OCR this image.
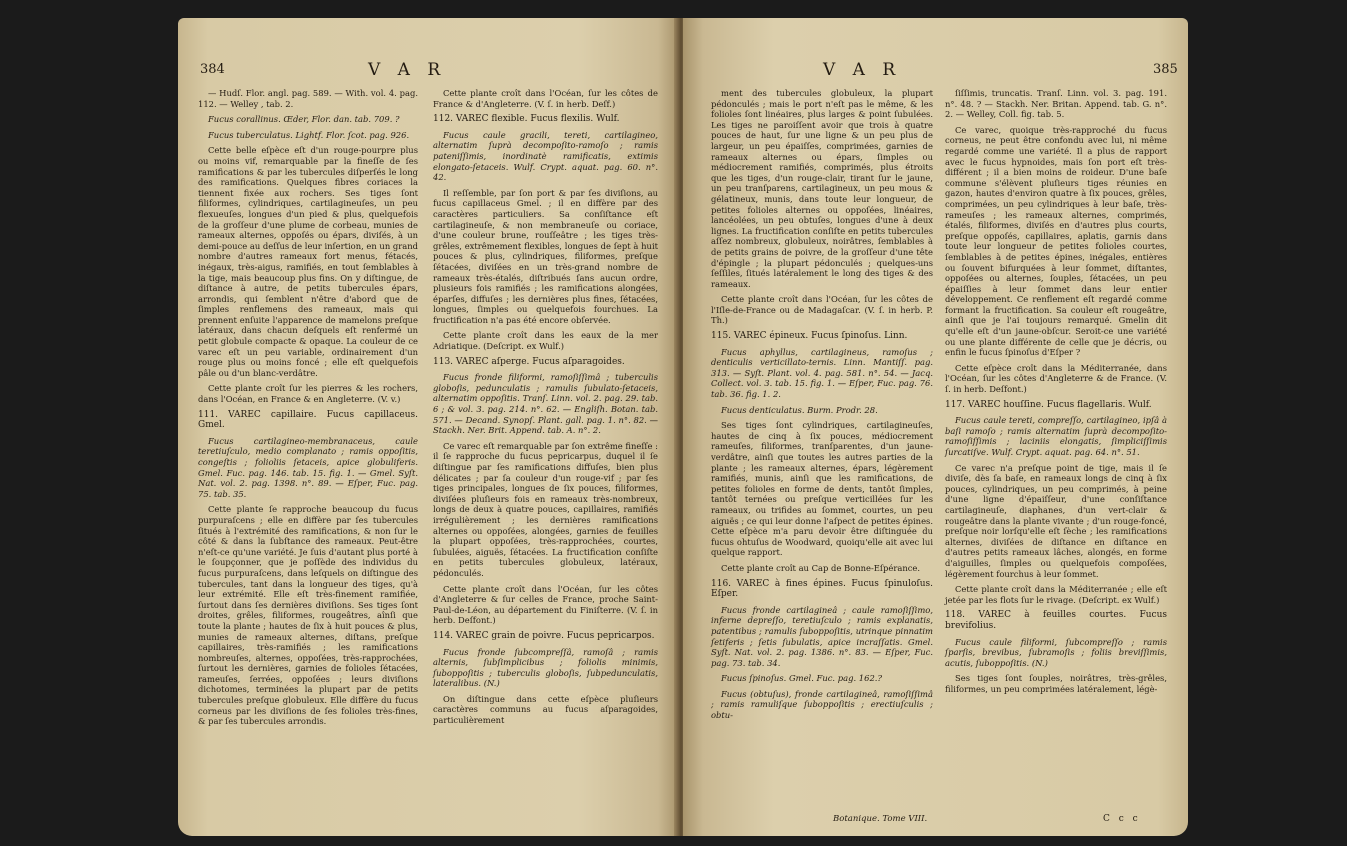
384	V A R

— Hudſ. Flor. angl. pag. 589. — With. vol. 4. pag. 112. — Welley , tab. 2.

Fucus corallinus. Œder, Flor. dan. tab. 709. ?

Fucus tuberculatus. Lightf. Flor. ſcot. pag. 926.

Cette belle eſpèce eſt d'un rouge-pourpre plus ou moins vif, remarquable par la fineſſe de ſes ramifications & par les tubercules diſperſés le long des ramifications. Quelques fibres coriaces la tiennent fixée aux rochers. Ses tiges ſont filiformes, cylindriques, cartilagineuſes, un peu flexueuſes, longues d'un pied & plus, quelquefois de la groſſeur d'une plume de corbeau, munies de rameaux alternes, oppoſés ou épars, diviſés, à un demi-pouce au deſſus de leur inſertion, en un grand nombre d'autres rameaux fort menus, fétacés, inégaux, très-aigus, ramifiés, en tout ſemblables à la tige, mais beaucoup plus fins. On y diſtingue, de diſtance à autre, de petits tubercules épars, arrondis, qui ſemblent n'être d'abord que de ſimples renflemens des rameaux, mais qui prennent enſuite l'apparence de mamelons preſque latéraux, dans chacun deſquels eſt renfermé un petit globule compacte & opaque. La couleur de ce varec eſt un peu variable, ordinairement d'un rouge plus ou moins foncé ; elle eſt quelquefois pâle ou d'un blanc-verdâtre.

Cette plante croît ſur les pierres & les rochers, dans l'Océan, en France & en Angleterre. (V. v.)

111. VAREC capillaire. Fucus capillaceus. Gmel.

Fucus cartilagineo-membranaceus, caule teretiuſculo, medio complanato ; ramis oppoſitis, congeſtis ; folioliis ſetaceis, apice globuliferis. Gmel. Fuc. pag. 146. tab. 15. fig. 1. — Gmel. Syſt. Nat. vol. 2. pag. 1398. n°. 89. — Eſper, Fuc. pag. 75. tab. 35.

Cette plante ſe rapproche beaucoup du fucus purpuraſcens ; elle en diffère par ſes tubercules ſitués à l'extrémité des ramifications, & non ſur le côté & dans la ſubſtance des rameaux. Peut-être n'eſt-ce qu'une variété. Je ſuis d'autant plus porté à le ſoupçonner, que je poſſède des individus du fucus purpuraſcens, dans leſquels on diſtingue des tubercules, tant dans la longueur des tiges, qu'à leur extrémité. Elle eſt très-finement ramifiée, ſurtout dans ſes dernières diviſions. Ses tiges ſont droites, grêles, filiformes, rougeâtres, aînſi que toute la plante ; hautes de ſix à huit pouces & plus, munies de rameaux alternes, diſtans, preſque capillaires, très-ramifiés ; les ramifications nombreuſes, alternes, oppoſées, très-rapprochées, ſurtout les dernières, garnies de folioles ſétacées, rameuſes, ſerrées, oppoſées ; leurs diviſions dichotomes, terminées la plupart par de petits tubercules preſque globuleux. Elle diffère du fucus corneus par les diviſions de ſes folioles très-fines, & par ſes tubercules arrondis.

Cette plante croît dans l'Océan, ſur les côtes de France & d'Angleterre. (V. ſ. in herb. Deſf.)

112. VAREC flexible. Fucus flexilis. Wulf.

Fucus caule gracili, tereti, cartilagineo, alternatim ſuprà decompoſito-ramoſo ; ramis pateniſſimis, inordinatè ramificatis, extimis elongato-ſetaceis. Wulf. Crypt. aquat. pag. 60. n°. 42.

Il reſſemble, par ſon port & par ſes diviſions, au fucus capillaceus Gmel. ; il en diffère par des caractères particuliers. Sa conſiſtance eſt cartilagineuſe, & non membraneuſe ou coriace, d'une couleur brune, rouſſeâtre ; les tiges très-grêles, extrêmement flexibles, longues de ſept à huit pouces & plus, cylindriques, filiformes, preſque ſétacées, diviſées en un très-grand nombre de rameaux très-étalés, diſtribués ſans aucun ordre, plusieurs fois ramifiés ; les ramifications alongées, éparſes, diffuſes ; les dernières plus fines, ſétacées, longues, ſimples ou quelquefois fourchues. La fructification n'a pas été encore obſervée.

Cette plante croît dans les eaux de la mer Adriatique. (Deſcript. ex Wulf.)

113. VAREC aſperge. Fucus aſparagoides.

Fucus fronde filiformi, ramoſiſſimâ ; tuberculis globoſis, pedunculatis ; ramulis ſubulato-ſetaceis, alternatim oppoſitis. Tranſ. Linn. vol. 2. pag. 29. tab. 6 ; & vol. 3. pag. 214. n°. 62. — Engliſh. Botan. tab. 571. — Decand. Synopſ. Plant. gall. pag. 1. n°. 82. — Stackh. Ner. Brit. Append. tab. A. n°. 2.

Ce varec eſt remarquable par ſon extrême fineſſe : il ſe rapproche du fucus pepricarpus, duquel il ſe diſtingue par ſes ramifications diffuſes, bien plus délicates ; par ſa couleur d'un rouge-vif ; par ſes tiges principales, longues de ſix pouces, filiformes, diviſées pluſieurs fois en rameaux très-nombreux, longs de deux à quatre pouces, capillaires, ramifiés irrégulièrement ; les dernières ramifications alternes ou oppoſées, alongées, garnies de feuilles la plupart oppoſées, très-rapprochées, courtes, ſubulées, aiguës, ſétacées. La fructification conſiſte en petits tubercules globuleux, latéraux, pédonculés.

Cette plante croît dans l'Océan, ſur les côtes d'Angleterre & ſur celles de France, proche Saint-Paul-de-Léon, au département du Finiſterre. (V. ſ. in herb. Deſfont.)

114. VAREC grain de poivre. Fucus pepricarpos.

Fucus fronde ſubcompreſſâ, ramoſâ ; ramis alternis, ſubſimplicibus ; foliolis minimis, ſuboppoſitis ; tuberculis globoſis, ſubpedunculatis, lateralibus. (N.)

On diſtingue dans cette eſpèce pluſieurs caractères communs au fucus aſparagoides, particulièrement

V A R	385

ment des tubercules globuleux, la plupart pédonculés ; mais le port n'eſt pas le même, & les folioles ſont linéaires, plus larges & point ſubulées. Les tiges ne paroiſſent avoir que trois à quatre pouces de haut, ſur une ligne & un peu plus de largeur, un peu épaiſſes, comprimées, garnies de rameaux alternes ou épars, ſimples ou médiocrement ramifiés, comprimés, plus étroits que les tiges, d'un rouge-clair, tirant ſur le jaune, un peu tranſparens, cartilagineux, un peu mous & gélatineux, munis, dans toute leur longueur, de petites folioles alternes ou oppoſées, linéaires, lancéolées, un peu obtuſes, longues d'une à deux lignes. La fructification conſiſte en petits tubercules aſſez nombreux, globuleux, noirâtres, ſemblables à de petits grains de poivre, de la groſſeur d'une tête d'épingle ; la plupart pédonculés ; quelques-uns ſeſſiles, ſitués latéralement le long des tiges & des rameaux.

Cette plante croît dans l'Océan, ſur les côtes de l'Iſle-de-France ou de Madagaſcar. (V. ſ. in herb. P. Th.)

115. VAREC épineux. Fucus ſpinoſus. Linn.

Fucus aphyllus, cartilagineus, ramoſus ; denticulis verticillato-ternis. Linn. Mantiſſ. pag. 313. — Syſt. Plant. vol. 4. pag. 581. n°. 54. — Jacq. Collect. vol. 3. tab. 15. fig. 1. — Eſper, Fuc. pag. 76. tab. 36. fig. 1. 2.

Fucus denticulatus. Burm. Prodr. 28.

Ses tiges ſont cylindriques, cartilagineuſes, hautes de cinq à ſix pouces, médiocrement rameuſes, filiformes, tranſparentes, d'un jaune-verdâtre, ainſi que toutes les autres parties de la plante ; les rameaux alternes, épars, légèrement ramifiés, munis, ainſi que les ramifications, de petites folioles en forme de dents, tantôt ſimples, tantôt ternées ou preſque verticillées ſur les rameaux, ou trifides au ſommet, courtes, un peu aiguës ; ce qui leur donne l'aſpect de petites épines. Cette eſpèce m'a paru devoir être diſtinguée du fucus ohtuſus de Woodward, quoiqu'elle ait avec lui quelque rapport.

Cette plante croît au Cap de Bonne-Eſpérance.

116. VAREC à fines épines. Fucus ſpinuloſus. Eſper.

Fucus fronde cartilagineâ ; caule ramoſiſſimo, inferne depreſſo, teretiuſculo ; ramis explanatis, patentibus ; ramulis ſuboppoſitis, utrinque pinnatim ſetiferis ; ſetis ſubulatis, apice incraſſatis. Gmel. Syſt. Nat. vol. 2. pag. 1386. n°. 83. — Eſper, Fuc. pag. 73. tab. 34.

Fucus ſpinoſus. Gmel. Fuc. pag. 162.?

Fucus (obtuſus), fronde cartilagineâ, ramoſiſſimâ ; ramis ramuliſque ſuboppoſitis ; erectiuſculis ; obtu-

ſiſſimis, truncatis. Tranſ. Linn. vol. 3. pag. 191. n°. 48. ? — Stackh. Ner. Britan. Append. tab. G. n°. 2. — Welley, Coll. fig. tab. 5.

Ce varec, quoique très-rapproché du fucus corneus, ne peut être confondu avec lui, ni même regardé comme une variété. Il a plus de rapport avec le fucus hypnoides, mais ſon port eſt très-différent ; il a bien moins de roideur. D'une baſe commune s'élèvent pluſieurs tiges réunies en gazon, hautes d'environ quatre à ſix pouces, grêles, comprimées, un peu cylindriques à leur baſe, très-rameuſes ; les rameaux alternes, comprimés, étalés, filiformes, diviſés en d'autres plus courts, preſque oppoſés, capillaires, aplatis, garnis dans toute leur longueur de petites folioles courtes, ſemblables à de petites épines, inégales, entières ou ſouvent bifurquées à leur ſommet, diſtantes, oppoſées ou alternes, ſouples, ſétacées, un peu épaiſſies à leur ſommet dans leur entier développement. Ce renflement eſt regardé comme formant la fructification. Sa couleur eſt rougeâtre, ainſi que je l'ai toujours remarqué. Gmelin dit qu'elle eſt d'un jaune-obſcur. Seroit-ce une variété ou une plante différente de celle que je décris, ou enfin le fucus ſpinoſus d'Eſper ?

Cette eſpèce croît dans la Méditerranée, dans l'Océan, ſur les côtes d'Angleterre & de France. (V. ſ. in herb. Deſfont.)

117. VAREC houſſine. Fucus flagellaris. Wulf.

Fucus caule tereti, compreſſo, cartilagineo, ipſâ à baſi ramoſo ; ramis alternatim ſuprà decompoſito-ramoſiſſimis ; laciniis elongatis, ſimpliciſſimis ſurcatiſve. Wulf. Crypt. aquat. pag. 64. n°. 51.

Ce varec n'a preſque point de tige, mais il ſe diviſe, dès ſa baſe, en rameaux longs de cinq à ſix pouces, cylindriques, un peu comprimés, à peine d'une ligne d'épaiſſeur, d'une conſiſtance cartilagineuſe, diaphanes, d'un vert-clair & rougeâtre dans la plante vivante ; d'un rouge-foncé, preſque noir lorſqu'elle eſt ſèche ; les ramifications alternes, diviſées de diſtance en diſtance en d'autres petits rameaux lâches, alongés, en forme d'aiguilles, ſimples ou quelquefois compoſées, légèrement fourchus à leur ſommet.

Cette plante croît dans la Méditerranée ; elle eſt jetée par les flots ſur le rivage. (Deſcript. ex Wulf.)

118. VAREC à feuilles courtes. Fucus brevifolius.

Fucus caule filiformi, ſubcompreſſo ; ramis ſparſis, brevibus, ſubramoſis ; foliis breviſſimis, acutis, ſuboppoſitis. (N.)

Ses tiges ſont ſouples, noirâtres, très-grêles, filiformes, un peu comprimées latéralement, légè-

Botanique. Tome VIII.	C c c
